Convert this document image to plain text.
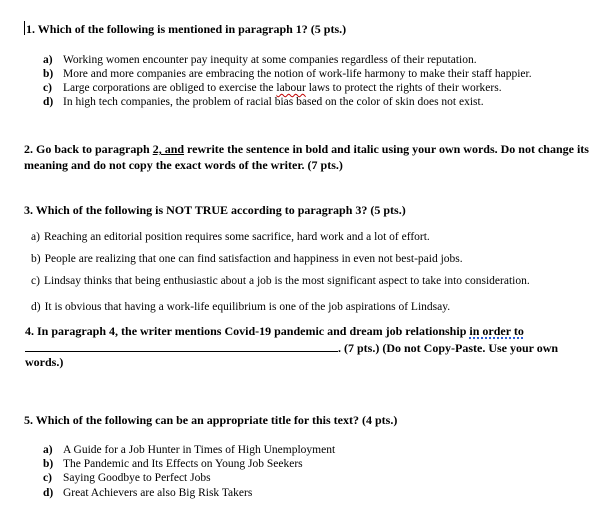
1. Which of the following is mentioned in paragraph 1? (5 pts.)
a) Working women encounter pay inequity at some companies regardless of their reputation.
b) More and more companies are embracing the notion of work-life harmony to make their staff happier.
c) Large corporations are obliged to exercise the labour laws to protect the rights of their workers.
d) In high tech companies, the problem of racial bias based on the color of skin does not exist.
2. Go back to paragraph 2, and rewrite the sentence in bold and italic using your own words. Do not change its meaning and do not copy the exact words of the writer. (7 pts.)
3. Which of the following is NOT TRUE according to paragraph 3? (5 pts.)
a) Reaching an editorial position requires some sacrifice, hard work and a lot of effort.
b) People are realizing that one can find satisfaction and happiness in even not best-paid jobs.
c) Lindsay thinks that being enthusiastic about a job is the most significant aspect to take into consideration.
d) It is obvious that having a work-life equilibrium is one of the job aspirations of Lindsay.
4. In paragraph 4, the writer mentions Covid-19 pandemic and dream job relationship in order to
. (7 pts.) (Do not Copy-Paste. Use your own
words.)
5. Which of the following can be an appropriate title for this text? (4 pts.)
a) A Guide for a Job Hunter in Times of High Unemployment
b) The Pandemic and Its Effects on Young Job Seekers
c) Saying Goodbye to Perfect Jobs
d) Great Achievers are also Big Risk Takers
